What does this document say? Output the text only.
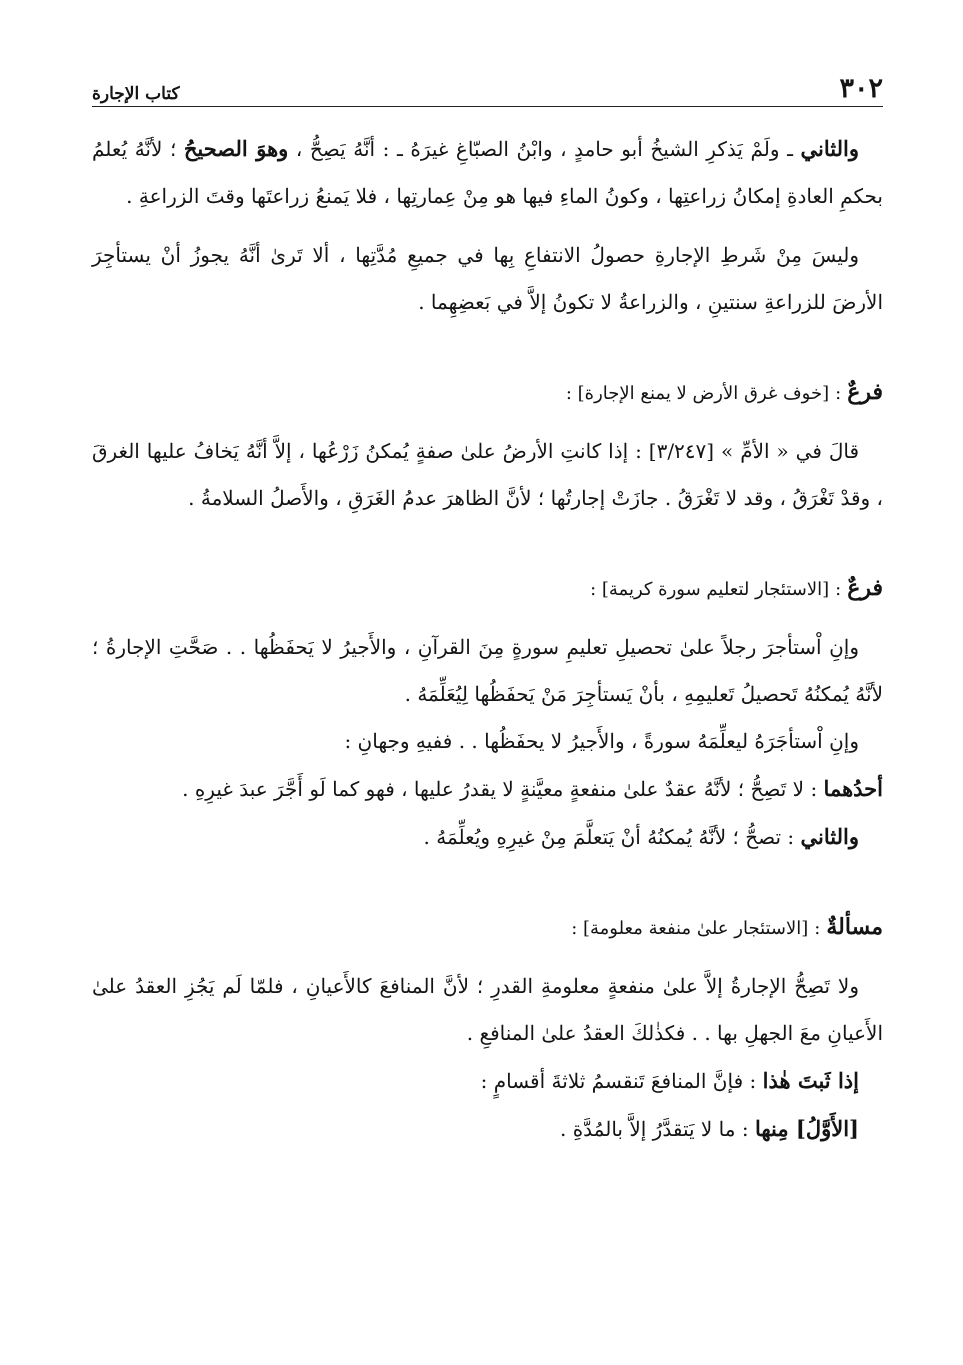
٣٠٢
كتاب الإجارة

والثاني ـ ولَمْ يَذكرِ الشيخُ أبو حامدٍ ، وابْنُ الصبّاغِ غيرَهُ ـ : أنَّهُ يَصِحُّ ، وهوَ الصحيحُ ؛ لأنَّهُ يُعلمُ بحكمِ العادةِ إمكانُ زراعتِها ، وكونُ الماءِ فيها هو مِنْ عِمارتِها ، فلا يَمنعُ زراعتَها وقتَ الزراعةِ .

وليسَ مِنْ شَرطِ الإجارةِ حصولُ الانتفاعِ بِها في جميعِ مُدَّتِها ، ألا تَرىٰ أنَّهُ يجوزُ أنْ يستأجِرَ الأرضَ للزراعةِ سنتينِ ، والزراعةُ لا تكونُ إلاَّ في بَعضِهِما .

فرعٌ
:
[خوف غرق الأرض لا يمنع الإجارة] :

قالَ في « الأمِّ » [٣/٢٤٧] : إذا كانتِ الأرضُ علىٰ صفةٍ يُمكنُ زَرْعُها ، إلاَّ أنَّهُ يَخافُ عليها الغرقَ ، وقدْ تَغْرَقُ ، وقد لا تَغْرَقُ . جازَتْ إجارتُها ؛ لأنَّ الظاهرَ عدمُ الغَرَقِ ، والأَصلُ السلامةُ .

فرعٌ
:
[الاستئجار لتعليم سورة كريمة] :

وإنِ اْستأجرَ رجلاً علىٰ تحصيلِ تعليمِ سورةٍ مِنَ القرآنِ ، والأَجيرُ لا يَحفَظُها . . صَحَّتِ الإجارةُ ؛ لأنَّهُ يُمكنُهُ تَحصيلُ تَعليمِهِ ، بأنْ يَستأجِرَ مَنْ يَحفَظُها لِيُعَلِّمَهُ .

وإنِ اْستأجَرَهُ ليعلِّمَهُ سورةً ، والأَجيرُ لا يحفَظُها . . ففيهِ وجهانِ :

أحدُهما : لا تَصِحُّ ؛ لأنَّهُ عقدٌ علىٰ منفعةٍ معيَّنةٍ لا يقدرُ عليها ، فهو كما لَو أَجَّرَ عبدَ غيرِهِ .

والثاني : تصحُّ ؛ لأنَّهُ يُمكنُهُ أنْ يَتعلَّمَ مِنْ غيرِهِ ويُعلِّمَهُ .

مسألةٌ
:
[الاستئجار علىٰ منفعة معلومة] :

ولا تَصِحُّ الإجارةُ إلاَّ علىٰ منفعةٍ معلومةِ القدرِ ؛ لأنَّ المنافعَ كالأَعيانِ ، فلمّا لَم يَجُزِ العقدُ علىٰ الأَعيانِ معَ الجهلِ بها . . فكذٰلكَ العقدُ علىٰ المنافعِ .

إذا ثَبتَ هٰذا : فإنَّ المنافعَ تَنقسمُ ثلاثةَ أقسامٍ :

[الأَوَّلُ] مِنها : ما لا يَتقدَّرُ إلاَّ بالمُدَّةِ .
